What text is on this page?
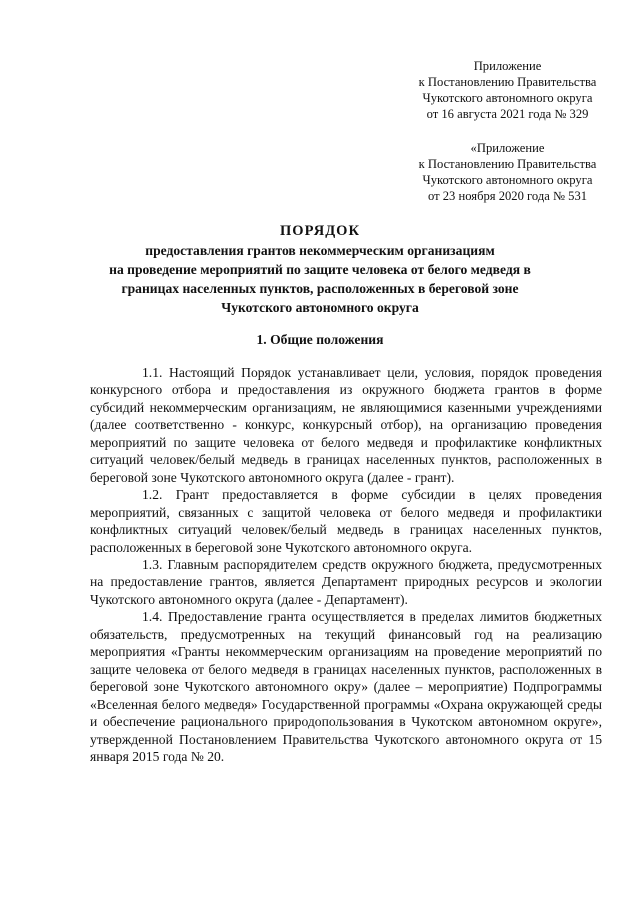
Приложение
к Постановлению Правительства
Чукотского автономного округа
от 16 августа 2021 года № 329
«Приложение
к Постановлению Правительства
Чукотского автономного округа
от 23 ноября 2020 года № 531
ПОРЯДОК
предоставления грантов некоммерческим организациям
на проведение мероприятий по защите человека от белого медведя в
границах населенных пунктов, расположенных в береговой зоне
Чукотского автономного округа
1. Общие положения

1.1. Настоящий Порядок устанавливает цели, условия, порядок проведения конкурсного отбора и предоставления из окружного бюджета грантов в форме субсидий некоммерческим организациям, не являющимися казенными учреждениями (далее соответственно - конкурс, конкурсный отбор), на организацию проведения мероприятий по защите человека от белого медведя и профилактике конфликтных ситуаций человек/белый медведь в границах населенных пунктов, расположенных в береговой зоне Чукотского автономного округа (далее - грант).

1.2. Грант предоставляется в форме субсидии в целях проведения мероприятий, связанных с защитой человека от белого медведя и профилактики конфликтных ситуаций человек/белый медведь в границах населенных пунктов, расположенных в береговой зоне Чукотского автономного округа.

1.3. Главным распорядителем средств окружного бюджета, предусмотренных на предоставление грантов, является Департамент природных ресурсов и экологии Чукотского автономного округа (далее - Департамент).

1.4. Предоставление гранта осуществляется в пределах лимитов бюджетных обязательств, предусмотренных на текущий финансовый год на реализацию мероприятия «Гранты некоммерческим организациям на проведение мероприятий по защите человека от белого медведя в границах населенных пунктов, расположенных в береговой зоне Чукотского автономного окру» (далее – мероприятие) Подпрограммы «Вселенная белого медведя» Государственной программы «Охрана окружающей среды и обеспечение рационального природопользования в Чукотском автономном округе», утвержденной Постановлением Правительства Чукотского автономного округа от 15 января 2015 года № 20.
